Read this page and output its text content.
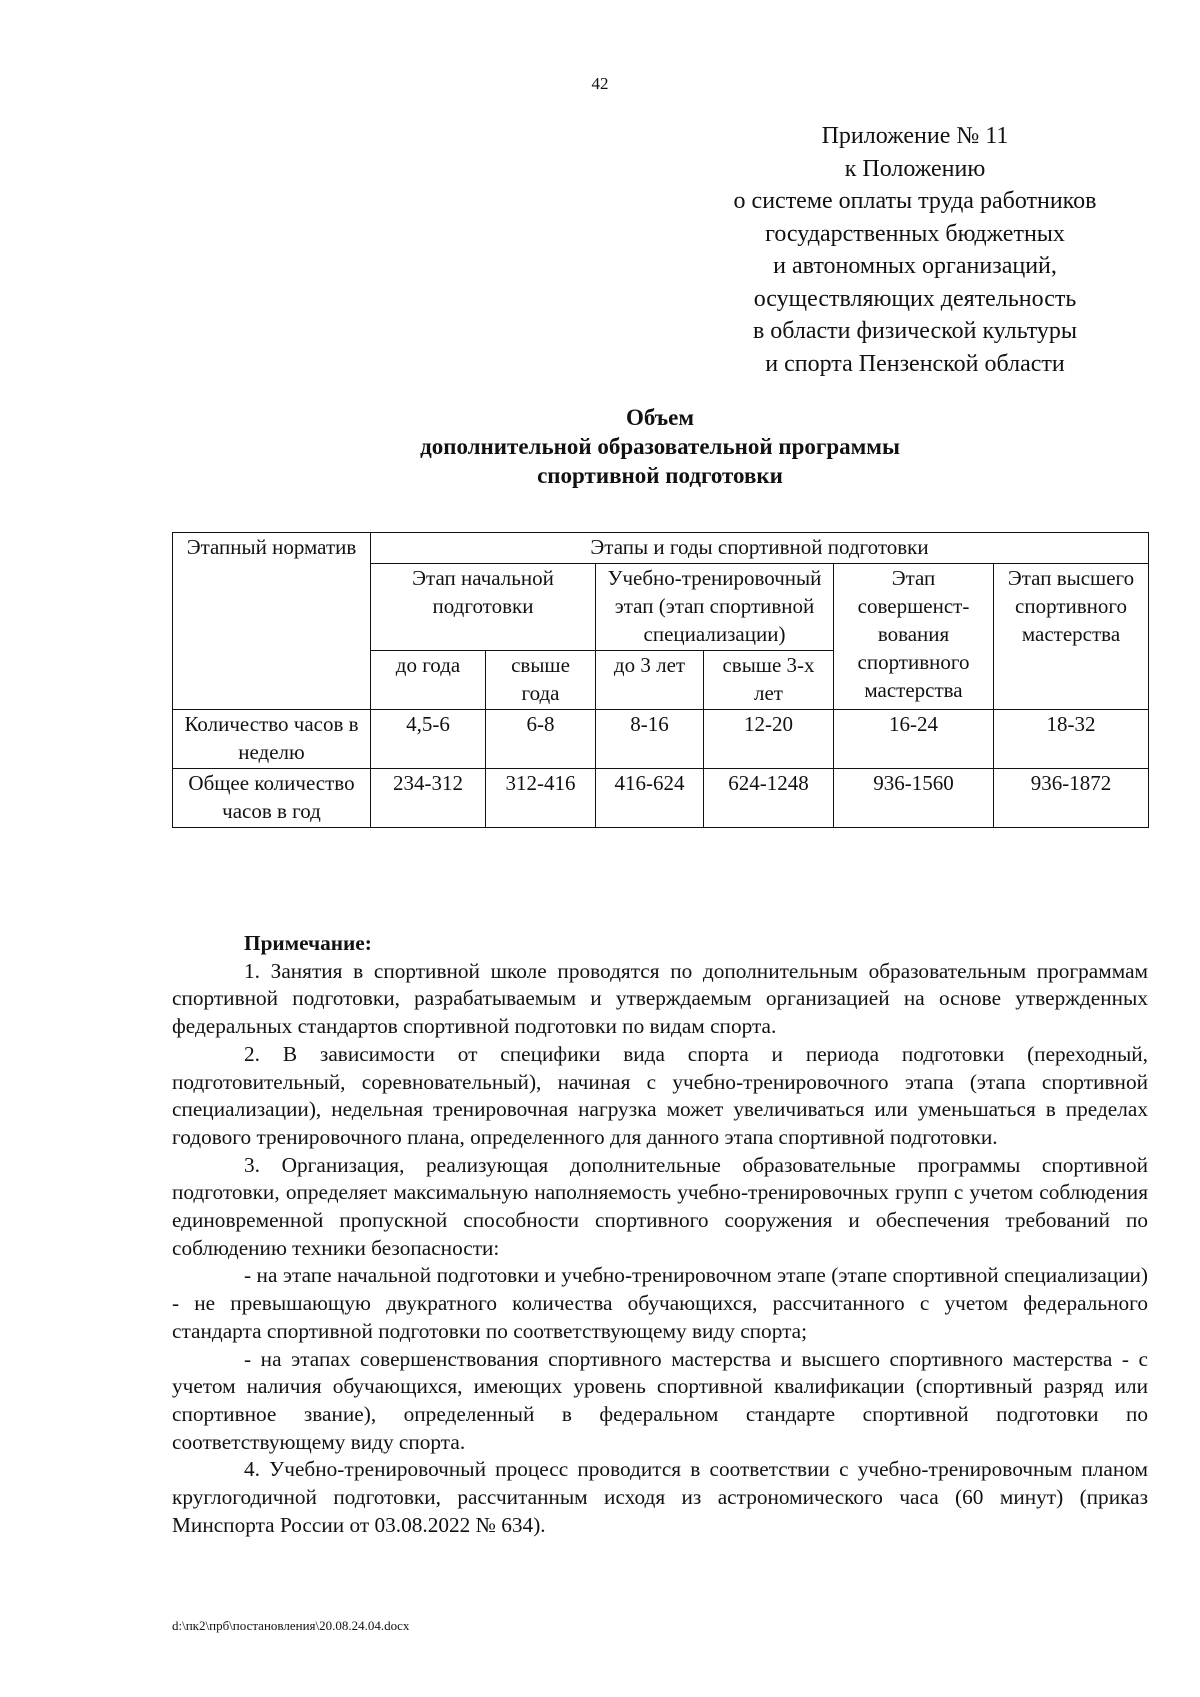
42
Приложение № 11
к Положению
о системе оплаты труда работников
государственных бюджетных
и автономных организаций,
осуществляющих деятельность
в области физической культуры
и спорта Пензенской области
Объем
дополнительной образовательной программы
спортивной подготовки
Этапный норматив	Этапы и годы спортивной подготовки					
	Этап начальной подготовки		Учебно-тренировочный этап (этап спортивной специализации)		Этап совершенст-вования спортивного мастерства	Этап высшего спортивного мастерства
	до года	свыше года	до 3 лет	свыше 3-х лет		
Количество часов в неделю	4,5-6	6-8	8-16	12-20	16-24	18-32
Общее количество часов в год	234-312	312-416	416-624	624-1248	936-1560	936-1872
Примечание:

1. Занятия в спортивной школе проводятся по дополнительным образовательным программам спортивной подготовки, разрабатываемым и утверждаемым организацией на основе утвержденных федеральных стандартов спортивной подготовки по видам спорта.

2. В зависимости от специфики вида спорта и периода подготовки (переходный, подготовительный, соревновательный), начиная с учебно-тренировочного этапа (этапа спортивной специализации), недельная тренировочная нагрузка может увеличиваться или уменьшаться в пределах годового тренировочного плана, определенного для данного этапа спортивной подготовки.

3. Организация, реализующая дополнительные образовательные программы спортивной подготовки, определяет максимальную наполняемость учебно-тренировочных групп с учетом соблюдения единовременной пропускной способности спортивного сооружения и обеспечения требований по соблюдению техники безопасности:

- на этапе начальной подготовки и учебно-тренировочном этапе (этапе спортивной специализации) - не превышающую двукратного количества обучающихся, рассчитанного с учетом федерального стандарта спортивной подготовки по соответствующему виду спорта;

- на этапах совершенствования спортивного мастерства и высшего спортивного мастерства - с учетом наличия обучающихся, имеющих уровень спортивной квалификации (спортивный разряд или спортивное звание), определенный в федеральном стандарте спортивной подготовки по соответствующему виду спорта.

4. Учебно-тренировочный процесс проводится в соответствии с учебно-тренировочным планом круглогодичной подготовки, рассчитанным исходя из астрономического часа (60 минут) (приказ Минспорта России от 03.08.2022 № 634).

d:\пк2\прб\постановления\20.08.24.04.docx
